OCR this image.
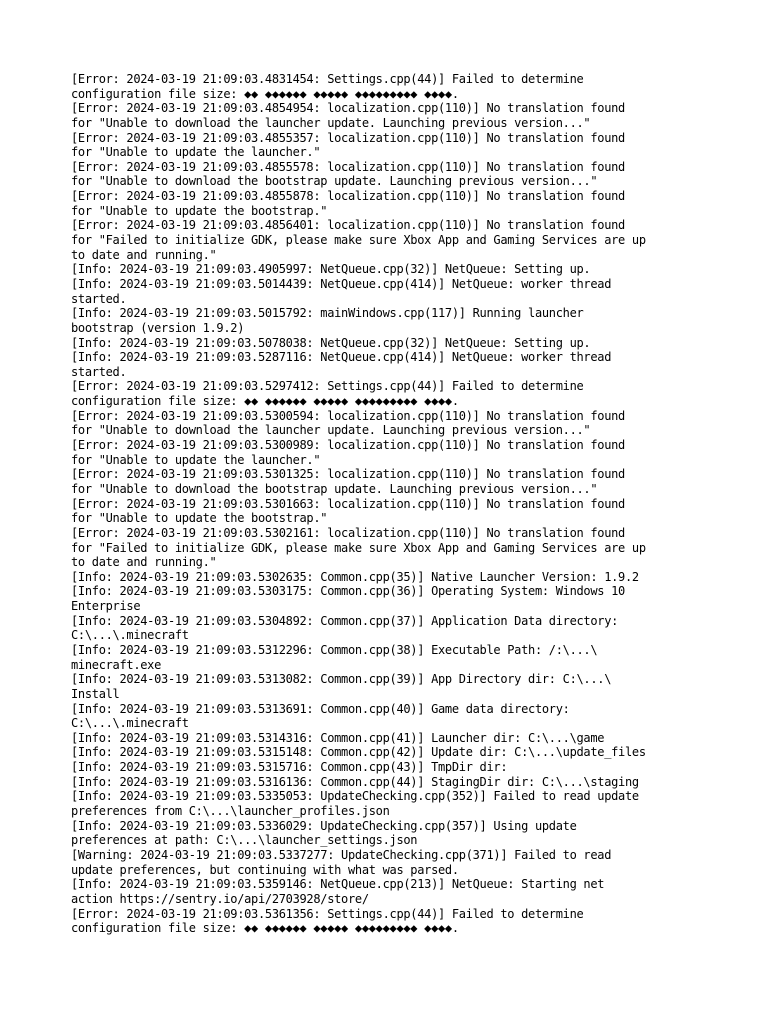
[Error: 2024-03-19 21:09:03.4831454: Settings.cpp(44)] Failed to determine
configuration file size: ◆◆ ◆◆◆◆◆◆ ◆◆◆◆◆ ◆◆◆◆◆◆◆◆◆ ◆◆◆◆.
[Error: 2024-03-19 21:09:03.4854954: localization.cpp(110)] No translation found
for "Unable to download the launcher update. Launching previous version..."
[Error: 2024-03-19 21:09:03.4855357: localization.cpp(110)] No translation found
for "Unable to update the launcher."
[Error: 2024-03-19 21:09:03.4855578: localization.cpp(110)] No translation found
for "Unable to download the bootstrap update. Launching previous version..."
[Error: 2024-03-19 21:09:03.4855878: localization.cpp(110)] No translation found
for "Unable to update the bootstrap."
[Error: 2024-03-19 21:09:03.4856401: localization.cpp(110)] No translation found
for "Failed to initialize GDK, please make sure Xbox App and Gaming Services are up
to date and running."
[Info: 2024-03-19 21:09:03.4905997: NetQueue.cpp(32)] NetQueue: Setting up.
[Info: 2024-03-19 21:09:03.5014439: NetQueue.cpp(414)] NetQueue: worker thread
started.
[Info: 2024-03-19 21:09:03.5015792: mainWindows.cpp(117)] Running launcher
bootstrap (version 1.9.2)
[Info: 2024-03-19 21:09:03.5078038: NetQueue.cpp(32)] NetQueue: Setting up.
[Info: 2024-03-19 21:09:03.5287116: NetQueue.cpp(414)] NetQueue: worker thread
started.
[Error: 2024-03-19 21:09:03.5297412: Settings.cpp(44)] Failed to determine
configuration file size: ◆◆ ◆◆◆◆◆◆ ◆◆◆◆◆ ◆◆◆◆◆◆◆◆◆ ◆◆◆◆.
[Error: 2024-03-19 21:09:03.5300594: localization.cpp(110)] No translation found
for "Unable to download the launcher update. Launching previous version..."
[Error: 2024-03-19 21:09:03.5300989: localization.cpp(110)] No translation found
for "Unable to update the launcher."
[Error: 2024-03-19 21:09:03.5301325: localization.cpp(110)] No translation found
for "Unable to download the bootstrap update. Launching previous version..."
[Error: 2024-03-19 21:09:03.5301663: localization.cpp(110)] No translation found
for "Unable to update the bootstrap."
[Error: 2024-03-19 21:09:03.5302161: localization.cpp(110)] No translation found
for "Failed to initialize GDK, please make sure Xbox App and Gaming Services are up
to date and running."
[Info: 2024-03-19 21:09:03.5302635: Common.cpp(35)] Native Launcher Version: 1.9.2
[Info: 2024-03-19 21:09:03.5303175: Common.cpp(36)] Operating System: Windows 10
Enterprise
[Info: 2024-03-19 21:09:03.5304892: Common.cpp(37)] Application Data directory:
C:\...\.minecraft
[Info: 2024-03-19 21:09:03.5312296: Common.cpp(38)] Executable Path: /:\...\
minecraft.exe
[Info: 2024-03-19 21:09:03.5313082: Common.cpp(39)] App Directory dir: C:\...\
Install
[Info: 2024-03-19 21:09:03.5313691: Common.cpp(40)] Game data directory:
C:\...\.minecraft
[Info: 2024-03-19 21:09:03.5314316: Common.cpp(41)] Launcher dir: C:\...\game
[Info: 2024-03-19 21:09:03.5315148: Common.cpp(42)] Update dir: C:\...\update_files
[Info: 2024-03-19 21:09:03.5315716: Common.cpp(43)] TmpDir dir:
[Info: 2024-03-19 21:09:03.5316136: Common.cpp(44)] StagingDir dir: C:\...\staging
[Info: 2024-03-19 21:09:03.5335053: UpdateChecking.cpp(352)] Failed to read update
preferences from C:\...\launcher_profiles.json
[Info: 2024-03-19 21:09:03.5336029: UpdateChecking.cpp(357)] Using update
preferences at path: C:\...\launcher_settings.json
[Warning: 2024-03-19 21:09:03.5337277: UpdateChecking.cpp(371)] Failed to read
update preferences, but continuing with what was parsed.
[Info: 2024-03-19 21:09:03.5359146: NetQueue.cpp(213)] NetQueue: Starting net
action https://sentry.io/api/2703928/store/
[Error: 2024-03-19 21:09:03.5361356: Settings.cpp(44)] Failed to determine
configuration file size: ◆◆ ◆◆◆◆◆◆ ◆◆◆◆◆ ◆◆◆◆◆◆◆◆◆ ◆◆◆◆.
